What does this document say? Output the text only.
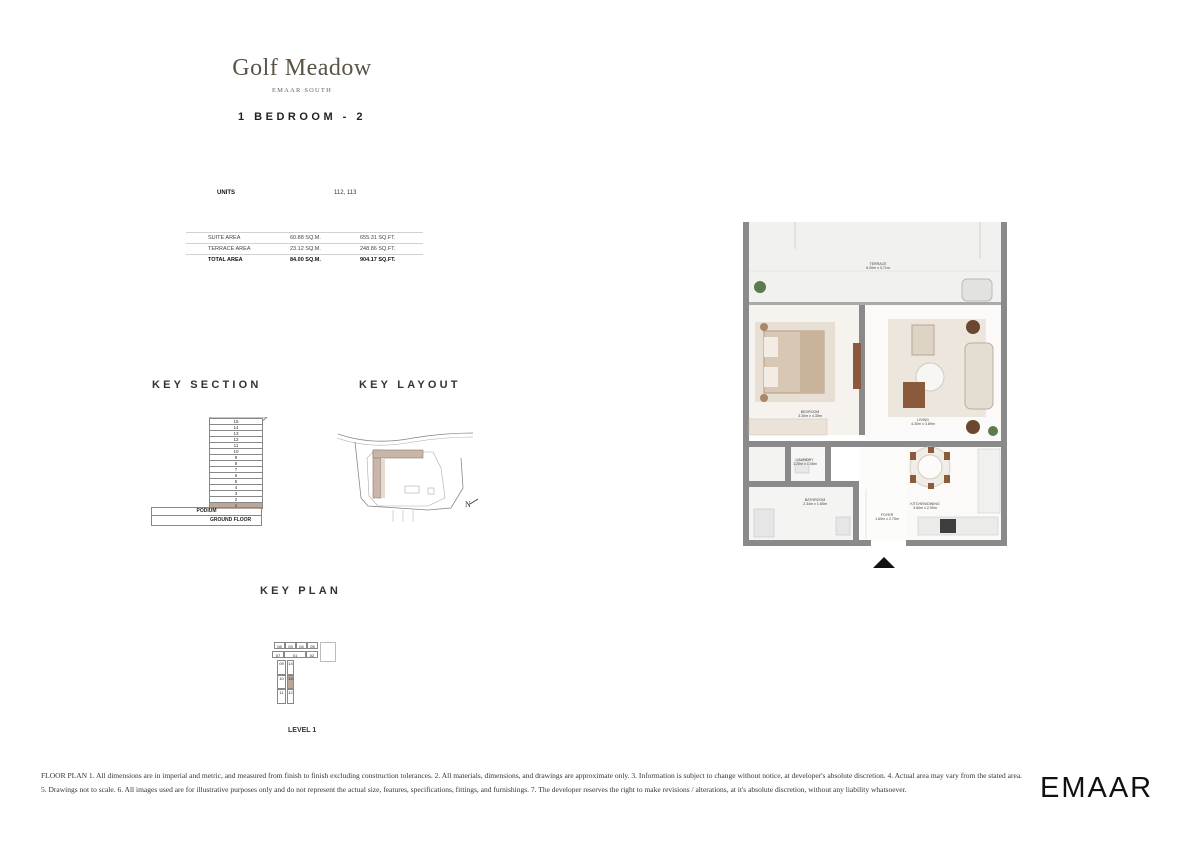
Golf Meadow
EMAAR SOUTH
1 BEDROOM - 2
UNITS	112, 113
SUITE AREA	60.88 SQ.M.	655.31 SQ.FT.
TERRACE AREA	23.12 SQ.M.	248.86 SQ.FT.
TOTAL AREA	84.00 SQ.M.	904.17 SQ.FT.
KEY SECTION
15
14
13
12
11
10
9
8
7
6
5
4
3
2
1
PODIUM
GROUND FLOOR
KEY LAYOUT
N
KEY PLAN
08	03	04	05
07	01	02
09
10
11
14
13
12
LEVEL 1
TERRACE
6.00m x 3.71m
BEDROOM
3.30m x 4.35m
LIVING
4.30m x 3.89m
LAUNDRY
1.20m x 1.08m
BATHROOM
2.34m x 1.65m	KITCHEN/DINING
3.60m x 2.90m
FOYER
1.60m x 2.75m
FLOOR PLAN 1. All dimensions are in imperial and metric, and measured from finish to finish excluding construction tolerances. 2. All materials, dimensions, and drawings are approximate only. 3. Information is subject to change without notice, at developer's absolute discretion. 4. Actual area may vary from the stated area. 5. Drawings not to scale. 6. All images used are for illustrative purposes only and do not represent the actual size, features, specifications, fittings, and furnishings. 7. The developer reserves the right to make revisions / alterations, at it's absolute discretion, without any liability whatsoever.	EMAAR
